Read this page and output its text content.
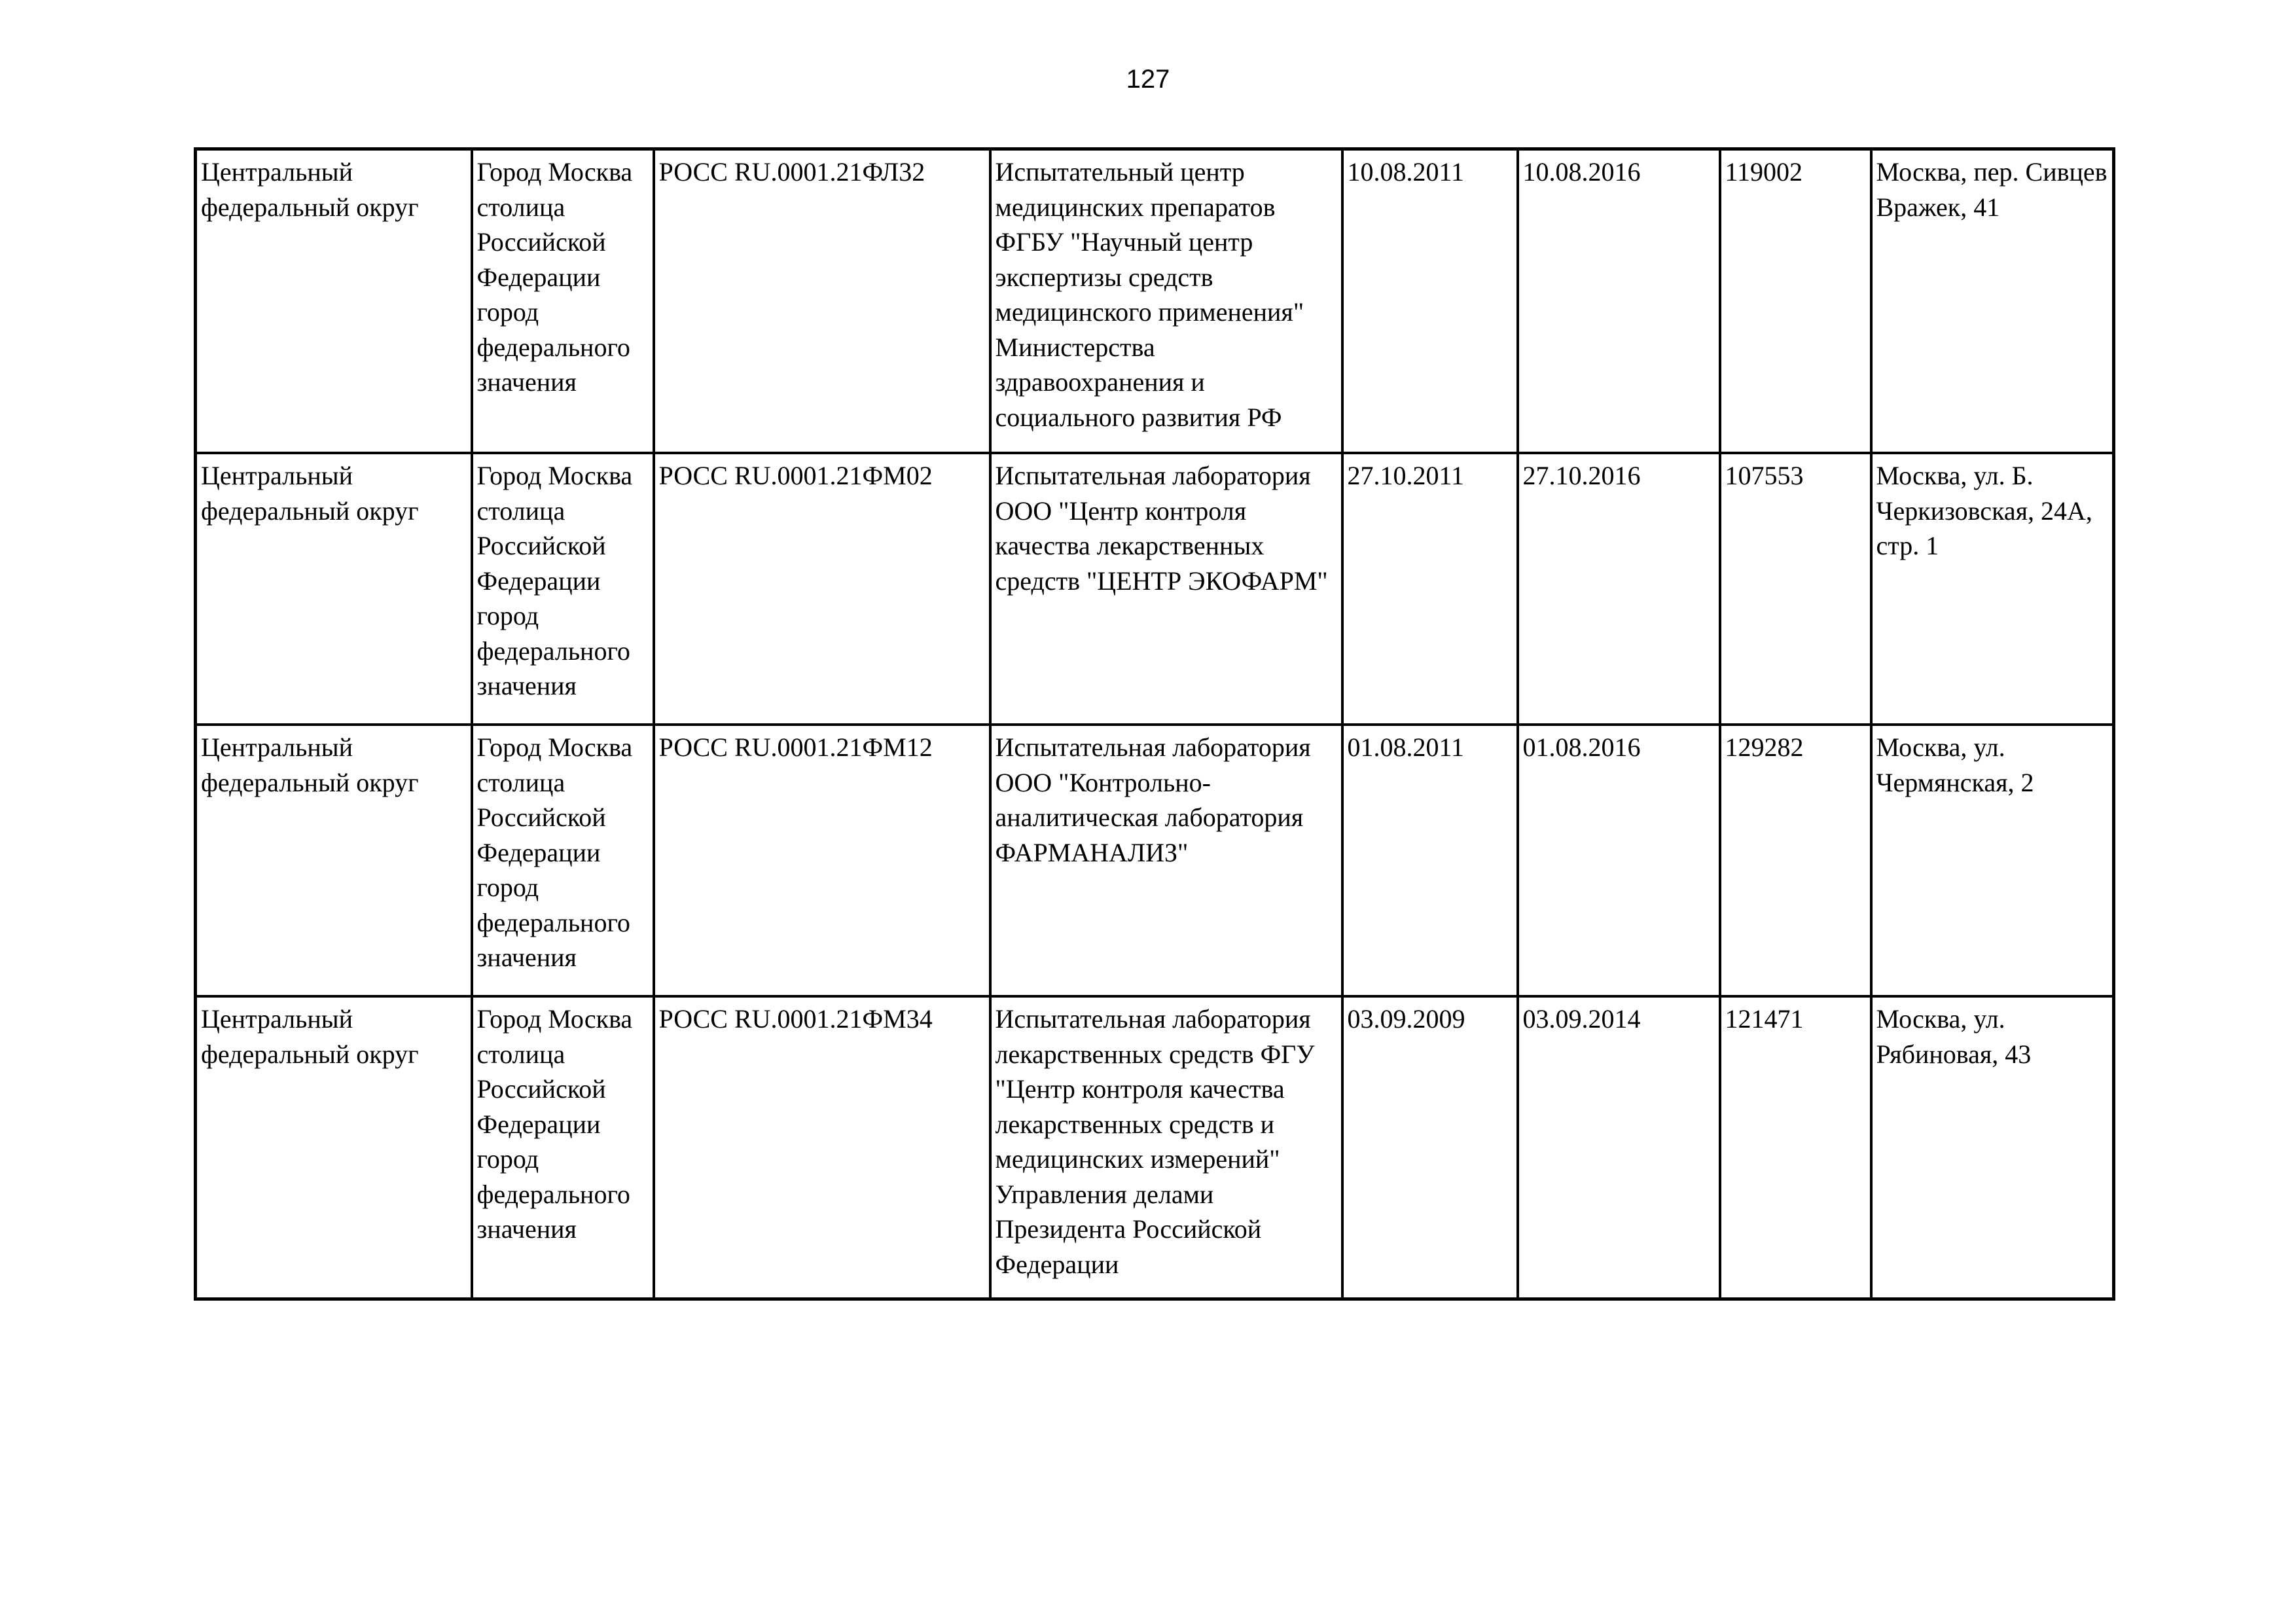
127
Центральный федеральный округ	Город Москва столица Российской Федерации город федерального значения	РОСС RU.0001.21ФЛ32	Испытательный центр медицинских препаратов ФГБУ "Научный центр экспертизы средств медицинского применения" Министерства здравоохранения и социального развития РФ	10.08.2011	10.08.2016	119002	Москва, пер. Сивцев Вражек, 41

Центральный федеральный округ	Город Москва столица Российской Федерации город федерального значения	РОСС RU.0001.21ФМ02	Испытательная лаборатория ООО "Центр контроля качества лекарственных средств "ЦЕНТР ЭКОФАРМ"	27.10.2011	27.10.2016	107553	Москва, ул. Б. Черкизовская, 24А, стр. 1

Центральный федеральный округ	Город Москва столица Российской Федерации город федерального значения	РОСС RU.0001.21ФМ12	Испытательная лаборатория ООО "Контрольно-аналитическая лаборатория ФАРМАНАЛИЗ"	01.08.2011	01.08.2016	129282	Москва, ул. Чермянская, 2

Центральный федеральный округ	Город Москва столица Российской Федерации город федерального значения	РОСС RU.0001.21ФМ34	Испытательная лаборатория лекарственных средств ФГУ "Центр контроля качества лекарственных средств и медицинских измерений" Управления делами Президента Российской Федерации	03.09.2009	03.09.2014	121471	Москва, ул. Рябиновая, 43
